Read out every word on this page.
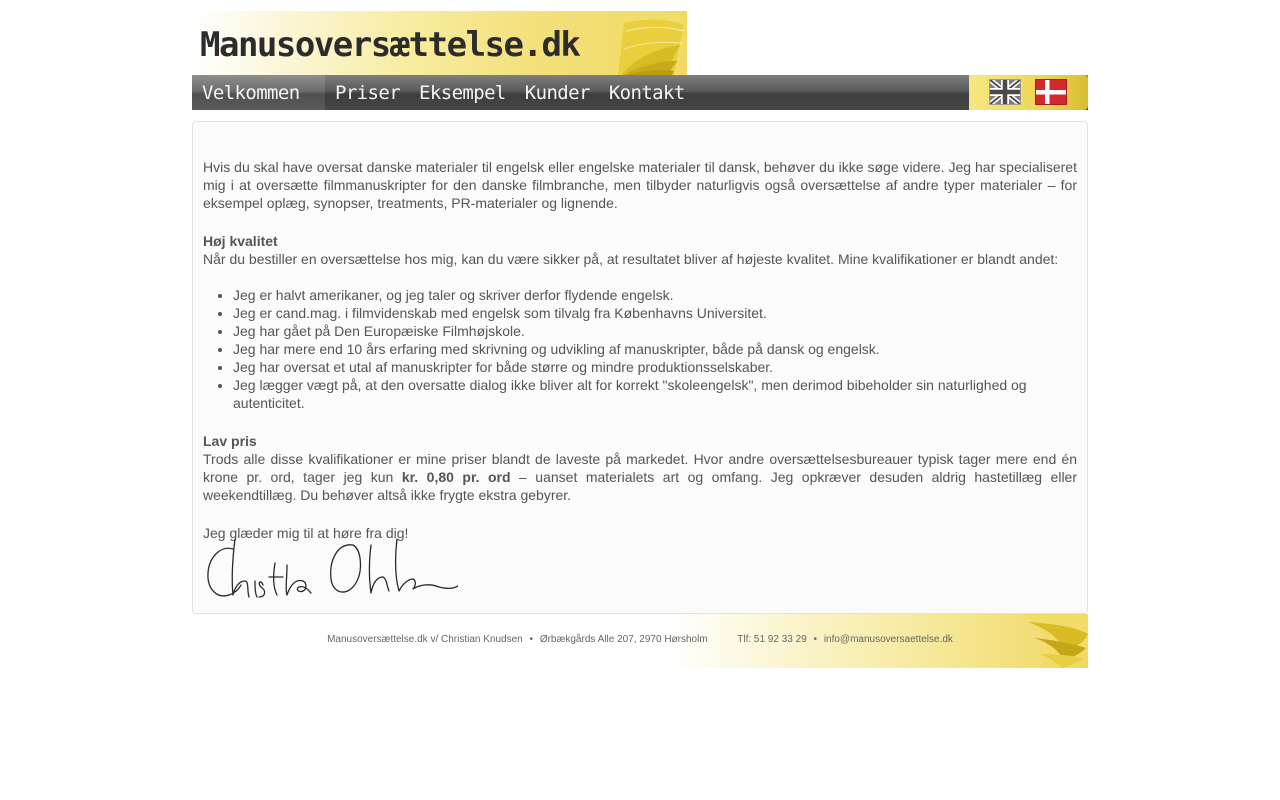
Manusoversættelse.dk
Velkommen	Priser	Eksempel	Kunder	Kontakt

Hvis du skal have oversat danske materialer til engelsk eller engelske materialer til dansk, behøver du ikke søge videre. Jeg har specialiseret mig i at oversætte filmmanuskripter for den danske filmbranche, men tilbyder naturligvis også oversættelse af andre typer materialer – for eksempel oplæg, synopser, treatments, PR-materialer og lignende.

Høj kvalitet

Når du bestiller en oversættelse hos mig, kan du være sikker på, at resultatet bliver af højeste kvalitet. Mine kvalifikationer er blandt andet:

• Jeg er halvt amerikaner, og jeg taler og skriver derfor flydende engelsk.
• Jeg er cand.mag. i filmvidenskab med engelsk som tilvalg fra Københavns Universitet.
• Jeg har gået på Den Europæiske Filmhøjskole.
• Jeg har mere end 10 års erfaring med skrivning og udvikling af manuskripter, både på dansk og engelsk.
• Jeg har oversat et utal af manuskripter for både større og mindre produktionsselskaber.
• Jeg lægger vægt på, at den oversatte dialog ikke bliver alt for korrekt "skoleengelsk", men derimod bibeholder sin naturlighed og autenticitet.

Lav pris

Trods alle disse kvalifikationer er mine priser blandt de laveste på markedet. Hvor andre oversættelsesbureauer typisk tager mere end én krone pr. ord, tager jeg kun kr. 0,80 pr. ord – uanset materialets art og omfang. Jeg opkræver desuden aldrig hastetillæg eller weekendtillæg. Du behøver altså ikke frygte ekstra gebyrer.

Jeg glæder mig til at høre fra dig!

Manusoversættelse.dk v/ Christian Knudsen • Ørbækgårds Alle 207, 2970 Hørsholm	Tlf: 51 92 33 29 • info@manusoversaettelse.dk
